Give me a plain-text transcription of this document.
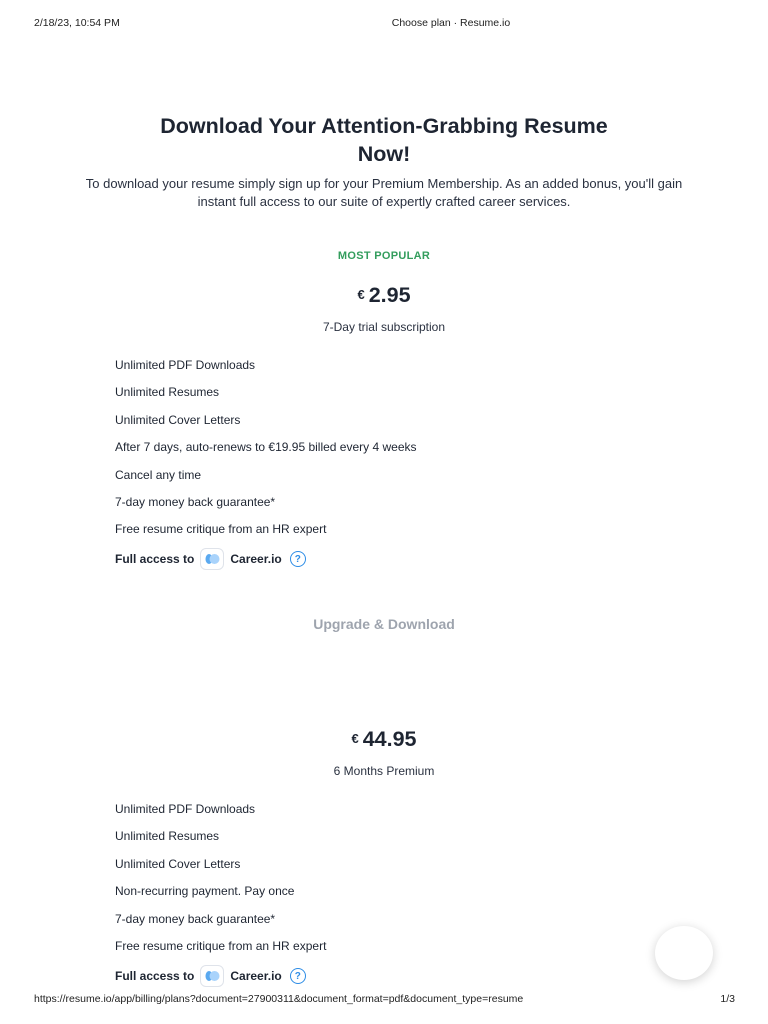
2/18/23, 10:54 PM	Choose plan · Resume.io
Download Your Attention-Grabbing Resume
Now!

To download your resume simply sign up for your Premium Membership. As an added bonus, you'll gain
instant full access to our suite of expertly crafted career services.

MOST POPULAR
€ 2.95
7-Day trial subscription
Unlimited PDF Downloads
Unlimited Resumes
Unlimited Cover Letters
After 7 days, auto-renews to €19.95 billed every 4 weeks
Cancel any time
7-day money back guarantee*
Free resume critique from an HR expert
Full access to	Career.io	?
Upgrade & Download
€ 44.95
6 Months Premium
Unlimited PDF Downloads
Unlimited Resumes
Unlimited Cover Letters
Non-recurring payment. Pay once
7-day money back guarantee*
Free resume critique from an HR expert
Full access to	Career.io	?
https://resume.io/app/billing/plans?document=27900311&document_format=pdf&document_type=resume	1/3
